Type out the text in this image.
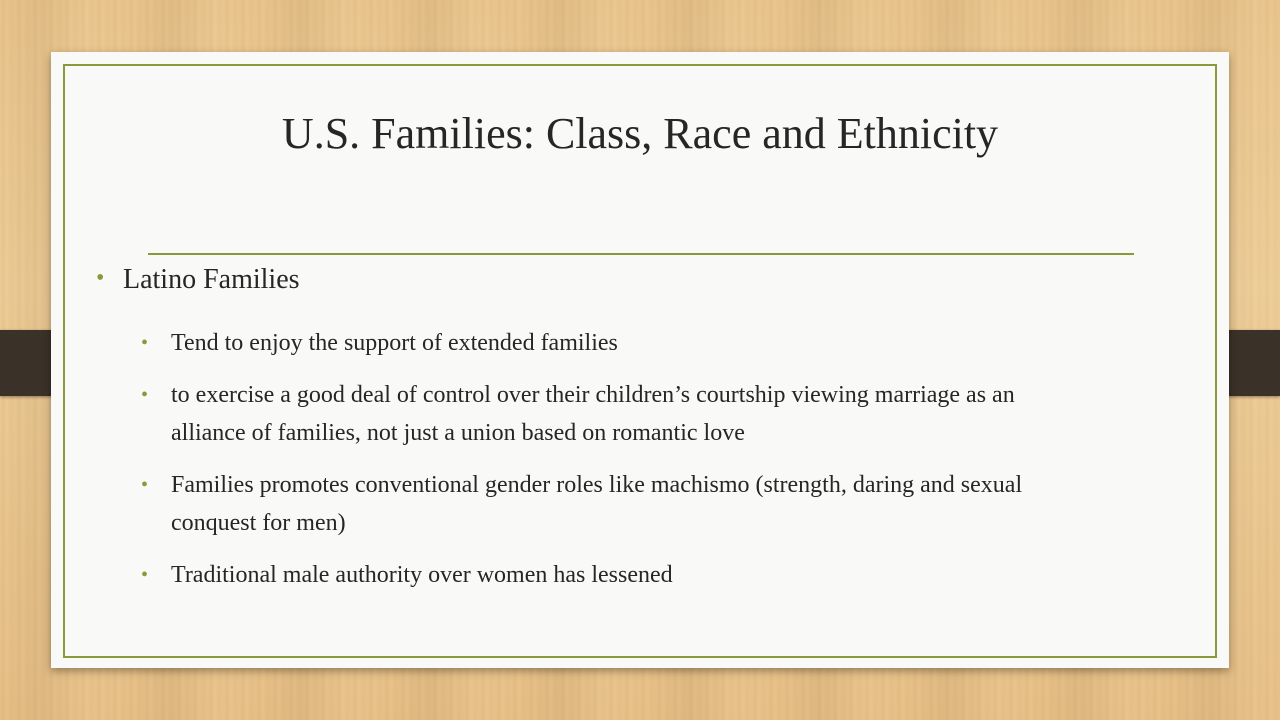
U.S. Families: Class, Race and Ethnicity
• Latino Families
• Tend to enjoy the support of extended families
• to exercise a good deal of control over their children’s courtship viewing marriage as an alliance of families, not just a union based on romantic love
• Families promotes conventional gender roles like machismo (strength, daring and sexual conquest for men)
• Traditional male authority over women has lessened
